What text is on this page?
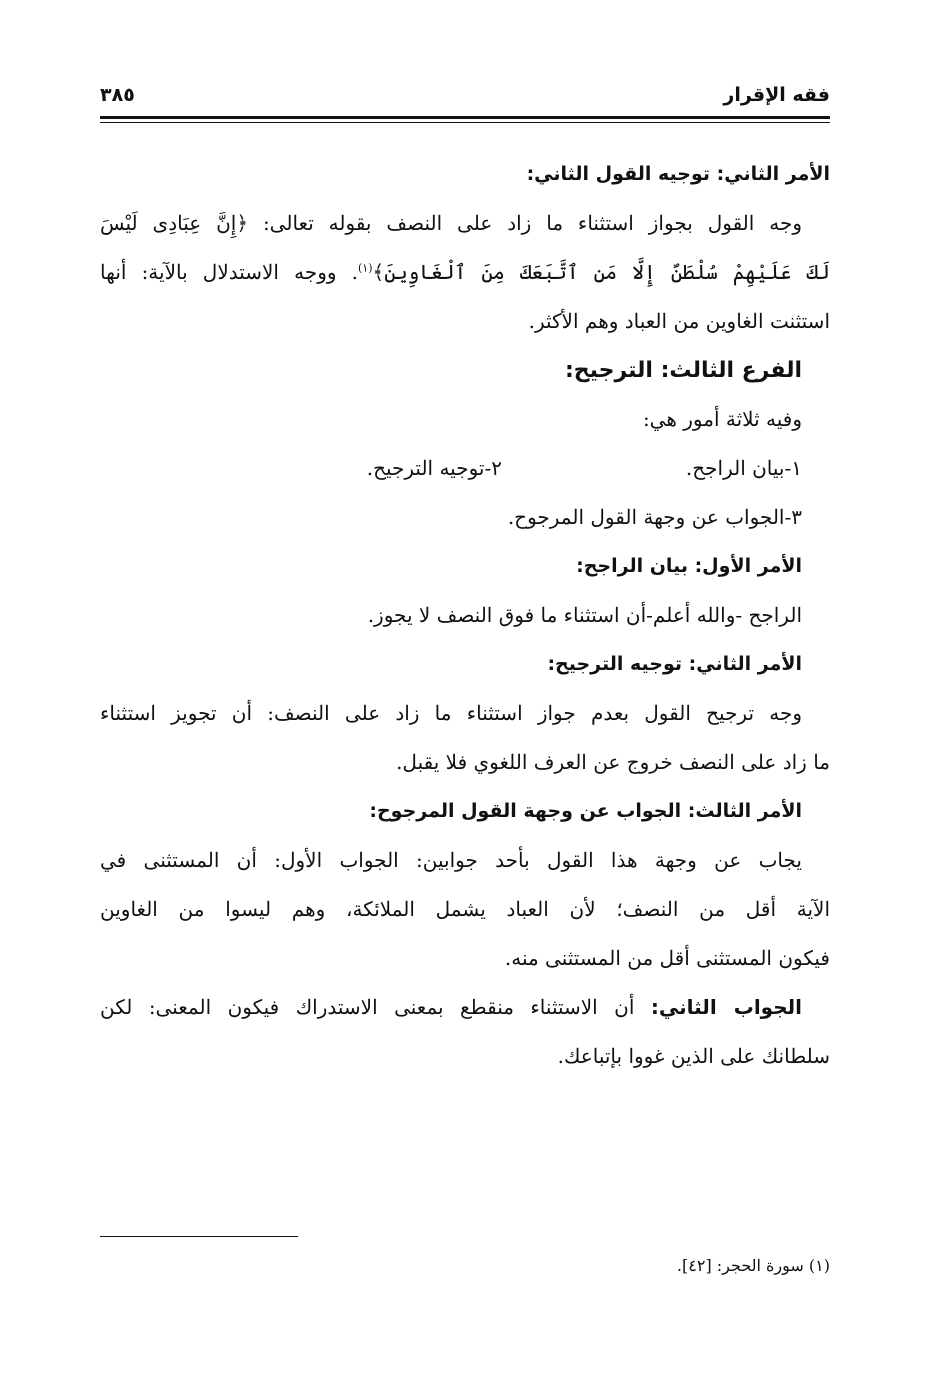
فقه الإقرار
٣٨٥
الأمر الثاني: توجيه القول الثاني:
وجه القول بجواز استثناء ما زاد على النصف بقوله تعالى: ﴿إِنَّ عِبَادِى لَيْسَ
لَكَ عَلَيْهِمْ سُلْطَنٌ إِلَّا مَنِ ٱتَّبَعَكَ مِنَ ٱلْغَاوِينَ﴾$^{(١)}$. ووجه الاستدلال بالآية: أنها
استثنت الغاوين من العباد وهم الأكثر.
الفرع الثالث: الترجيح:
وفيه ثلاثة أمور هي:
١-بيان الراجح.
٢-توجيه الترجيح.
٣-الجواب عن وجهة القول المرجوح.
الأمر الأول: بيان الراجح:
الراجح -والله أعلم-أن استثناء ما فوق النصف لا يجوز.
الأمر الثاني: توجيه الترجيح:
وجه ترجيح القول بعدم جواز استثناء ما زاد على النصف: أن تجويز استثناء
ما زاد على النصف خروج عن العرف اللغوي فلا يقبل.
الأمر الثالث: الجواب عن وجهة القول المرجوح:
يجاب عن وجهة هذا القول بأحد جوابين: الجواب الأول: أن المستثنى في
الآية أقل من النصف؛ لأن العباد يشمل الملائكة، وهم ليسوا من الغاوين
فيكون المستثنى أقل من المستثنى منه.
الجواب الثاني: أن الاستثناء منقطع بمعنى الاستدراك فيكون المعنى: لكن
سلطانك على الذين غووا بإتباعك.
(١) سورة الحجر: [٤٢].
